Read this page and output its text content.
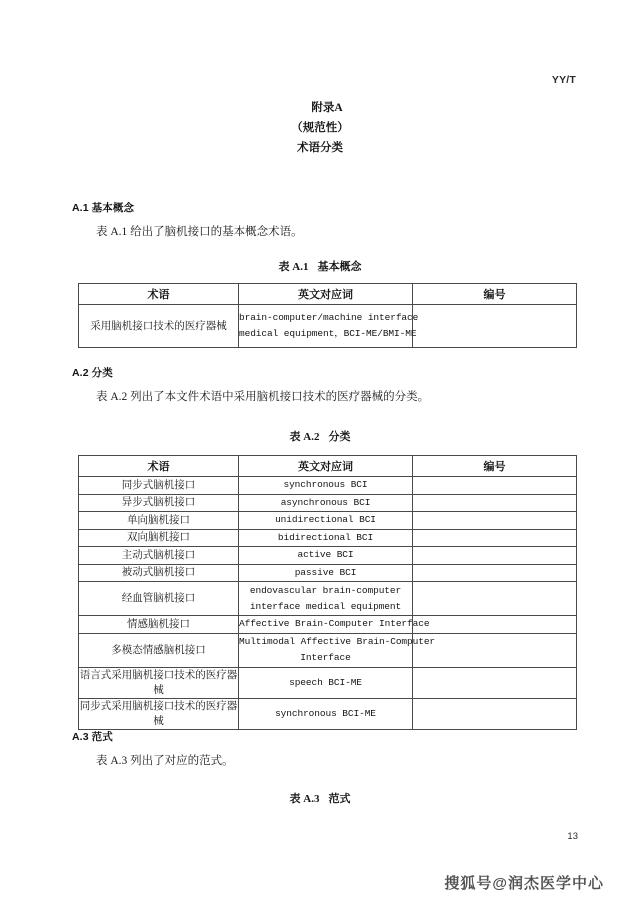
YY/T
附录A
（规范性）
术语分类
A.1 基本概念
表 A.1 给出了脑机接口的基本概念术语。
表 A.1 基本概念
术语	英文对应词	编号
采用脑机接口技术的医疗器械	brain-computer/machine interface
medical equipment，BCI-ME/BMI-ME	

A.2 分类
表 A.2 列出了本文件术语中采用脑机接口技术的医疗器械的分类。
表 A.2 分类
术语	英文对应词	编号
同步式脑机接口	synchronous BCI	

异步式脑机接口	asynchronous BCI	

单向脑机接口	unidirectional BCI	

双向脑机接口	bidirectional BCI	

主动式脑机接口	active BCI	

被动式脑机接口	passive BCI	

经血管脑机接口	endovascular brain-computer
interface medical equipment	

情感脑机接口	Affective Brain-Computer Interface	

多模态情感脑机接口	Multimodal Affective Brain-Computer
Interface	

语言式采用脑机接口技术的医疗器械	speech BCI-ME	

同步式采用脑机接口技术的医疗器械	synchronous BCI-ME	

A.3 范式
表 A.3 列出了对应的范式。
表 A.3 范式
13
搜狐号@润杰医学中心
